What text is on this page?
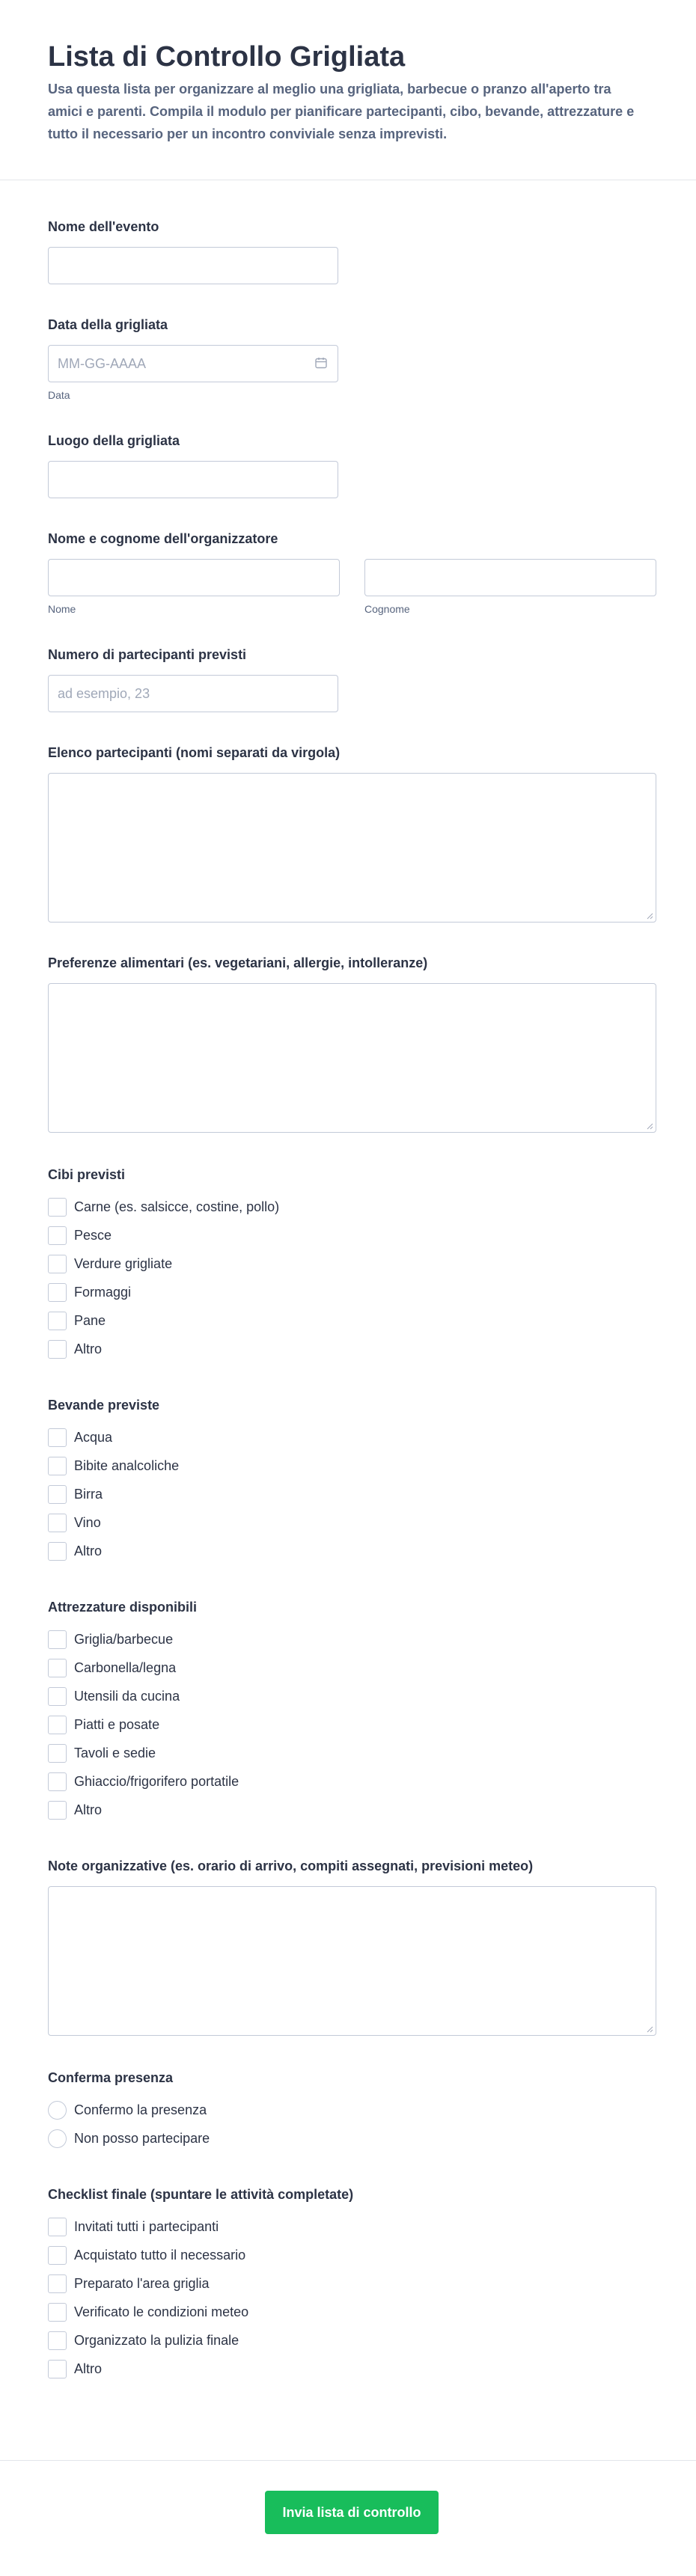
Lista di Controllo Grigliata

Usa questa lista per organizzare al meglio una grigliata, barbecue o pranzo all'aperto tra amici e parenti. Compila il modulo per pianificare partecipanti, cibo, bevande, attrezzature e tutto il necessario per un incontro conviviale senza imprevisti.

Nome dell'evento
Data della grigliata
MM-GG-AAAA
Data
Luogo della grigliata
Nome e cognome dell'organizzatore
Nome	Cognome
Numero di partecipanti previsti
ad esempio, 23
Elenco partecipanti (nomi separati da virgola)
Preferenze alimentari (es. vegetariani, allergie, intolleranze)
Cibi previsti
Carne (es. salsicce, costine, pollo)
Pesce
Verdure grigliate
Formaggi
Pane
Altro
Bevande previste
Acqua
Bibite analcoliche
Birra
Vino
Altro
Attrezzature disponibili
Griglia/barbecue
Carbonella/legna
Utensili da cucina
Piatti e posate
Tavoli e sedie
Ghiaccio/frigorifero portatile
Altro
Note organizzative (es. orario di arrivo, compiti assegnati, previsioni meteo)
Conferma presenza
Confermo la presenza
Non posso partecipare
Checklist finale (spuntare le attività completate)
Invitati tutti i partecipanti
Acquistato tutto il necessario
Preparato l'area griglia
Verificato le condizioni meteo
Organizzato la pulizia finale
Altro
Invia lista di controllo
